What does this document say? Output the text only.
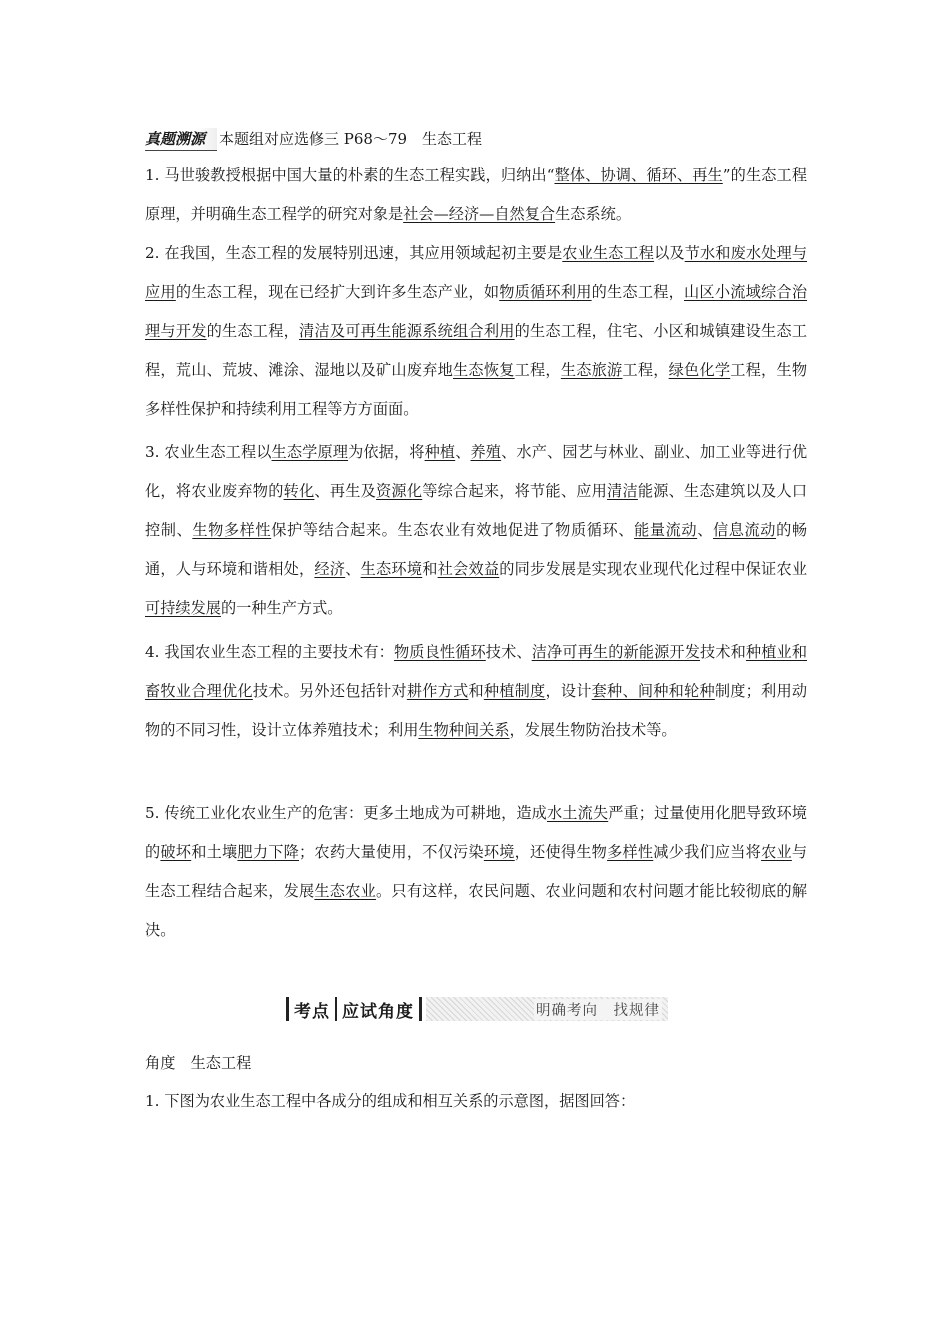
真题溯源 本题组对应选修三 P68～79　生态工程
1. 马世骏教授根据中国大量的朴素的生态工程实践，归纳出“整体、协调、循环、再生”的生态工程原理，并明确生态工程学的研究对象是社会—经济—自然复合生态系统。
2. 在我国，生态工程的发展特别迅速，其应用领域起初主要是农业生态工程以及节水和废水处理与应用的生态工程，现在已经扩大到许多生态产业，如物质循环利用的生态工程，山区小流域综合治理与开发的生态工程，清洁及可再生能源系统组合利用的生态工程，住宅、小区和城镇建设生态工程，荒山、荒坡、滩涂、湿地以及矿山废弃地生态恢复工程，生态旅游工程，绿色化学工程，生物多样性保护和持续利用工程等方方面面。
3. 农业生态工程以生态学原理为依据，将种植、养殖、水产、园艺与林业、副业、加工业等进行优化，将农业废弃物的转化、再生及资源化等综合起来，将节能、应用清洁能源、生态建筑以及人口控制、生物多样性保护等结合起来。生态农业有效地促进了物质循环、能量流动、信息流动的畅通，人与环境和谐相处，经济、生态环境和社会效益的同步发展是实现农业现代化过程中保证农业可持续发展的一种生产方式。
4. 我国农业生态工程的主要技术有：物质良性循环技术、洁净可再生的新能源开发技术和种植业和畜牧业合理优化技术。另外还包括针对耕作方式和种植制度，设计套种、间种和轮种制度；利用动物的不同习性，设计立体养殖技术；利用生物种间关系，发展生物防治技术等。
5. 传统工业化农业生产的危害：更多土地成为可耕地，造成水土流失严重；过量使用化肥导致环境的破坏和土壤肥力下降；农药大量使用，不仅污染环境，还使得生物多样性减少我们应当将农业与生态工程结合起来，发展生态农业。只有这样，农民问题、农业问题和农村问题才能比较彻底的解决。
考点 应试角度	明确考向　找规律
角度　生态工程
1. 下图为农业生态工程中各成分的组成和相互关系的示意图，据图回答：
